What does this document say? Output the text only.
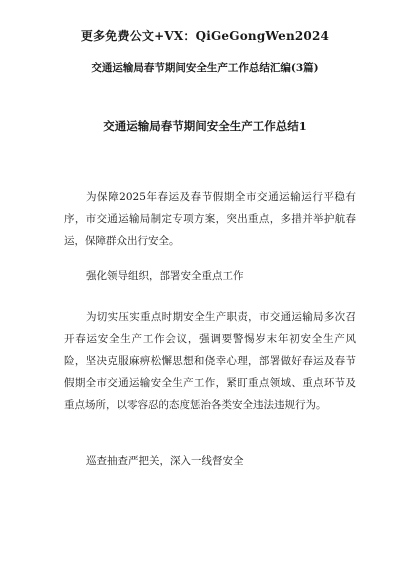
更多免费公文+VX：QiGeGongWen2024
交通运输局春节期间安全生产工作总结汇编(3篇)
交通运输局春节期间安全生产工作总结1

为保障2025年春运及春节假期全市交通运输运行平稳有序，市交通运输局制定专项方案，突出重点，多措并举护航春运，保障群众出行安全。

强化领导组织，部署安全重点工作

为切实压实重点时期安全生产职责，市交通运输局多次召开春运安全生产工作会议，强调要警惕岁末年初安全生产风险，坚决克服麻痹松懈思想和侥幸心理，部署做好春运及春节假期全市交通运输安全生产工作，紧盯重点领域、重点环节及重点场所，以零容忍的态度惩治各类安全违法违规行为。

巡查抽查严把关，深入一线督安全
